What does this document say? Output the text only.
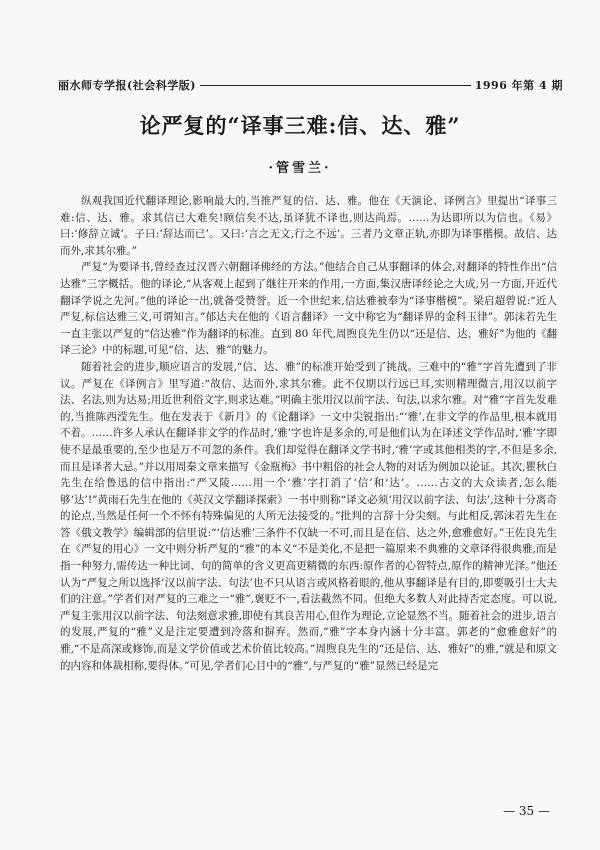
丽水师专学报(社会科学版)	1996 年第 4 期
论严复的“译事三难:信、达、雅”
·管雪兰·

纵观我国近代翻译理论,影响最大的,当推严复的信、达、雅。他在《天演论、译例言》里提出“译事三难:信、达、雅。求其信已大难矣!顾信矣不达,虽译犹不译也,则达尚焉。……为达即所以为信也。《易》曰:‘修辞立诚’。子曰:‘辞达而已’。又曰:‘言之无文,行之不远’。三者乃文章正轨,亦即为译事楷模。故信、达而外,求其尔雅。”

严复“为要译书,曾经查过汉晋六朝翻译佛经的方法。”他结合自己从事翻译的体会,对翻译的特性作出“信达雅”三字概括。他的译论,“从客观上起到了继往开来的作用,一方面,集汉唐译经论之大成,另一方面,开近代翻译学说之先河。”他的译论一出,就备受赞誉。近一个世纪来,信达雅被奉为“译事楷模”。梁启超曾说:“近人严复,标信达雅三义,可谓知言。”郁达夫在他的《语言翻译》一文中称它为“翻译界的金科玉律”。郭沫若先生一直主张以严复的“信达雅”作为翻译的标准。直到 80 年代,周煦良先生仍以“还是信、达、雅好”为他的《翻译三论》中的标题,可见“信、达、雅”的魅力。

随着社会的进步,顺应语言的发展,“信、达、雅”的标准开始受到了挑战。三难中的“雅”字首先遭到了非议。严复在《译例言》里写道:“故信、达而外,求其尔雅。此不仅期以行远已耳,实则精理微言,用汉以前字法、名法,则为达易;用近世利俗文字,则求达难。”明确主张用汉以前字法、句法,以求尔雅。对“雅”字首先发难的,当推陈西滢先生。他在发表于《新月》的《论翻译》一文中尖锐指出:“‘雅’,在非文学的作品里,根本就用不着。……许多人承认在翻译非文学的作品时,‘雅’字也许是多余的,可是他们认为在译述文学作品时,‘雅’字即使不是最重要的,至少也是万不可忽的条件。我们却觉得在翻译文学书时,‘雅’字或其他相类的字,不但是多余,而且是译者大忌。”并以用周秦文章来描写《金瓶梅》书中粗俗的社会人物的对话为例加以论证。其次,瞿秋白先生在给鲁迅的信中指出:“严又陵……用一个‘雅’字打消了‘信’和‘达’。……古文的大众读者,怎么能够‘达’!”黄雨石先生在他的《英汉文学翻译探索》一书中则称“译文必须‘用汉以前字法、句法’,这种十分离奇的论点,当然是任何一个不怀有特殊偏见的人所无法接受的。”批判的言辞十分尖刻。与此相反,郭沫若先生在答《俄文教学》编辑部的信里说:“‘信达雅’三条件不仅缺一不可,而且是在信、达之外,愈雅愈好。”王佐良先生在《严复的用心》一文中则分析严复的“雅”的本义“不是美化,不是把一篇原来不典雅的文章译得很典雅,而是指一种努力,需传达一种比词、句的简单的含义更高更精微的东西:原作者的心智特点,原作的精神光泽。”他还认为“严复之所以选择‘汉以前字法、句法’也不只从语言或风格着眼的,他从事翻译是有目的,即要吸引士大夫们的注意。”学者们对严复的三难之一“雅”,褒贬不一,看法截然不同。但绝大多数人对此持否定态度。可以说,严复主张用汉以前字法、句法刻意求雅,即使有其良苦用心,但作为理论,立论显然不当。随着社会的进步,语言的发展,严复的“雅”义是注定要遭到冷落和摒弃。然而,“雅”字本身内涵十分丰富。郭老的“愈雅愈好”的雅,“不是高深或修饰,而是文学价值或艺术价值比较高。”周煦良先生的“还是信、达、雅好”的雅,“就是和原文的内容和体裁相称,要得体。”可见,学者们心目中的“雅”,与严复的“雅”显然已经是完

— 35 —
